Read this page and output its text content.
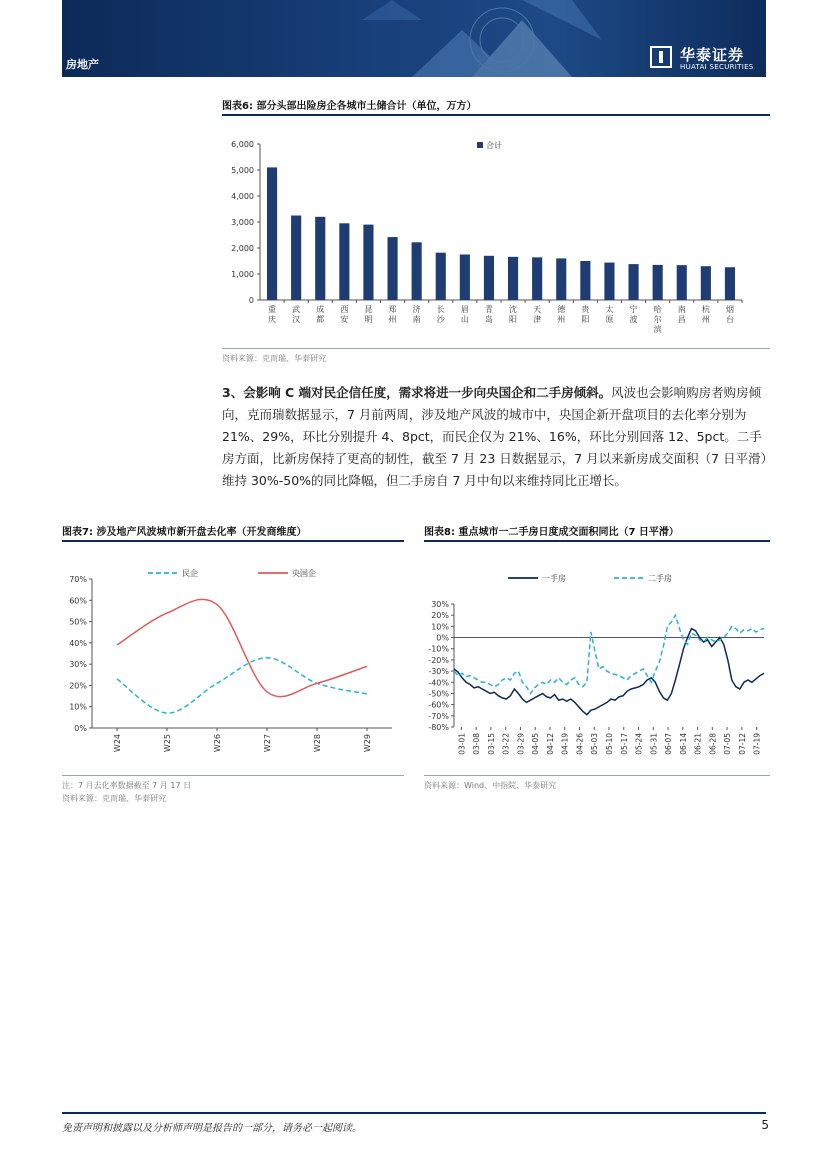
房地产
华泰证券
HUATAI SECURITIES
图表6: 部分头部出险房企各城市土储合计（单位，万方）
0
1,000
2,000
3,000
4,000
5,000
6,000
重庆
武汉
成都
西安
昆明
郑州
济南
长沙
眉山
青岛
沈阳
天津
德州
贵阳
太原
宁波
哈尔滨
南昌
杭州
烟台
合计
资料来源：克而瑞、华泰研究
3、会影响 C 端对民企信任度，需求将进一步向央国企和二手房倾斜。风波也会影响购房者购房倾向，克而瑞数据显示，7 月前两周，涉及地产风波的城市中，央国企新开盘项目的去化率分别为 21%、29%，环比分别提升 4、8pct，而民企仅为 21%、16%，环比分别回落 12、5pct。二手房方面，比新房保持了更高的韧性，截至 7 月 23 日数据显示，7 月以来新房成交面积（7 日平滑）维持 30%-50%的同比降幅，但二手房自 7 月中旬以来维持同比正增长。
图表7: 涉及地产风波城市新开盘去化率（开发商维度）
0%
10%
20%
30%
40%
50%
60%
70%
W24	W25	W26	W27	W28	W29
民企	央国企
注：7 月去化率数据截至 7 月 17 日
资料来源：克而瑞、华泰研究
图表8: 重点城市一二手房日度成交面积同比（7 日平滑）
-80%
-70%
-60%
-50%
-40%
-30%
-20%
-10%
0%
10%
20%
30%
03-01 03-08 03-15 03-22 03-29 04-05 04-12 04-19 04-26 05-03 05-10 05-17 05-24 05-31 06-07 06-14 06-21 06-28 07-05 07-12 07-19
一手房	二手房
资料来源：Wind、中指院、华泰研究
免责声明和披露以及分析师声明是报告的一部分，请务必一起阅读。	5
